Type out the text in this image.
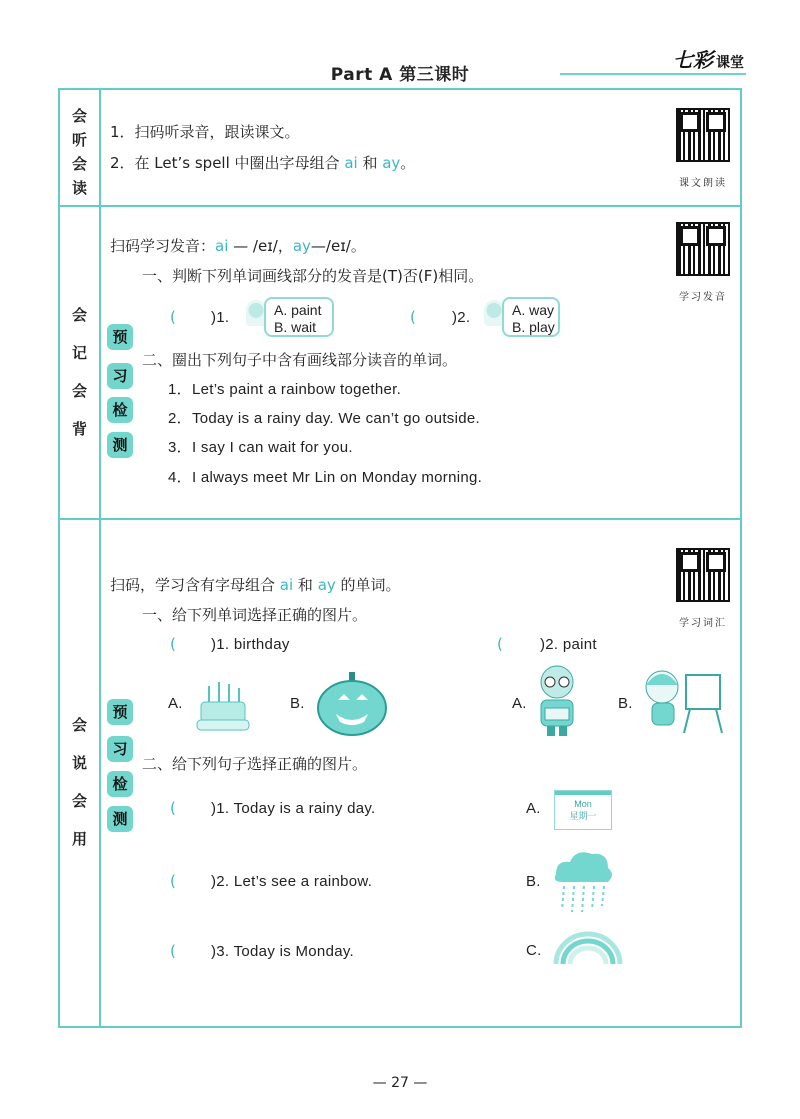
Part A 第三课时
七彩 课堂
会
听
会
读
1．扫码听录音，跟读课文。
2．在 Let’s spell 中圈出字母组合 ai 和 ay。
课文朗读
会
记
会
背
预
习
检
测
扫码学习发音：ai — /eɪ/，ay—/eɪ/。
一、判断下列单词画线部分的发音是(T)否(F)相同。
( )1.	A. paint
B. wait
( )2.	A. way
B. play
二、圈出下列句子中含有画线部分读音的单词。
1．Let’s paint a rainbow together.
2．Today is a rainy day. We can’t go outside.
3．I say I can wait for you.
4．I always meet Mr Lin on Monday morning.
学习发音
会
说
会
用
预
习
检
测
扫码，学习含有字母组合 ai 和 ay 的单词。
一、给下列单词选择正确的图片。
( )1. birthday	( )2. paint
A.	B.	A.	B.
二、给下列句子选择正确的图片。
( )1. Today is a rainy day.
( )2. Let’s see a rainbow.
( )3. Today is Monday.
A.	Mon
星期一
B.
C.
学习词汇
— 27 —
